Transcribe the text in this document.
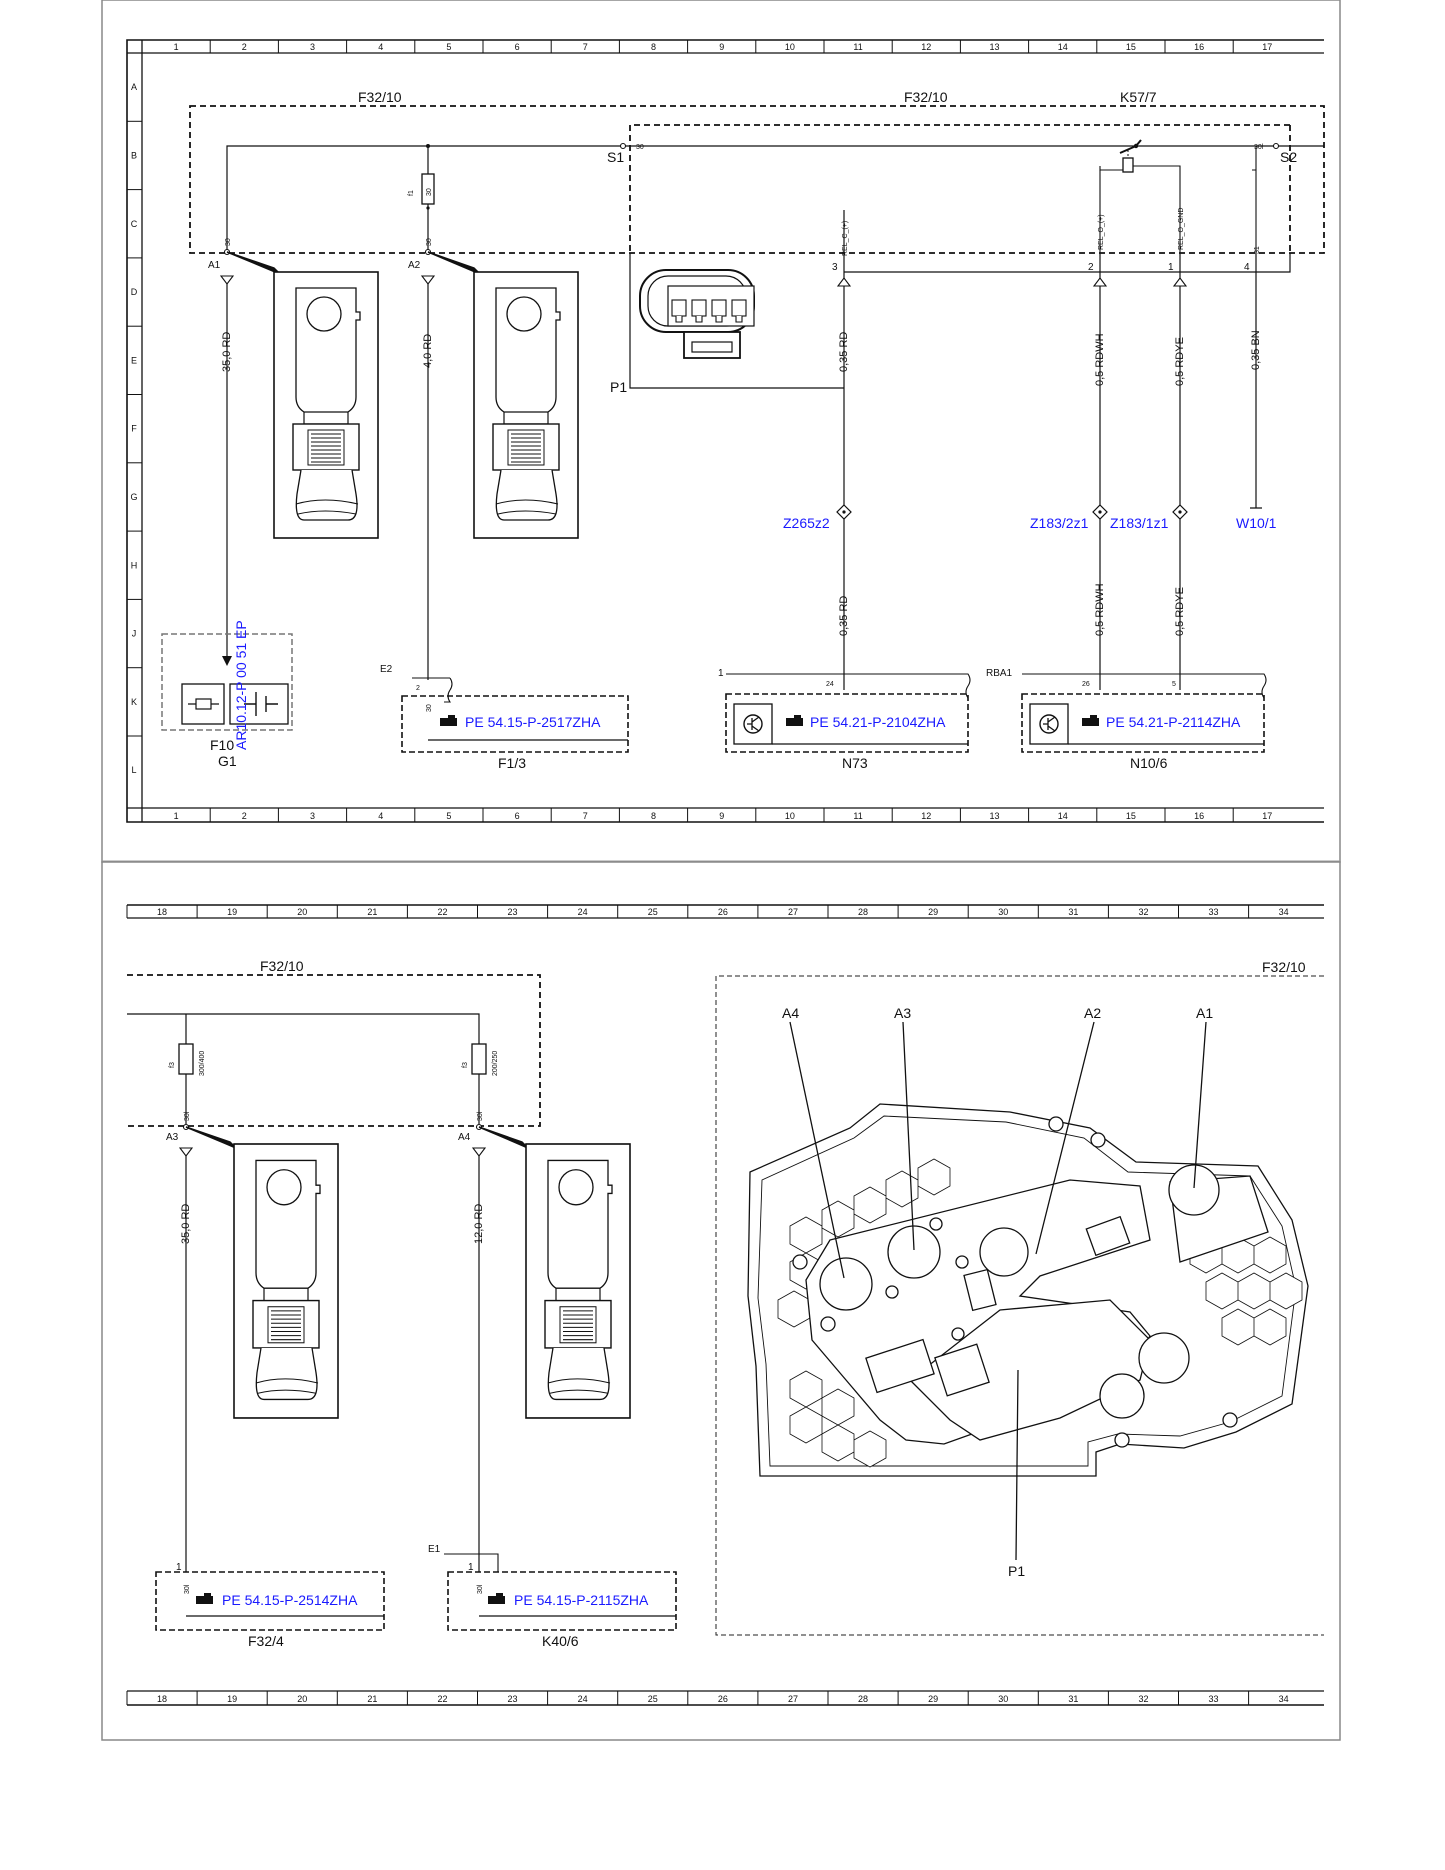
1	2	3	4	5	6	7	8	9	10	11	12	13	14	15	16	17
1	2	3	4	5	6	7	8	9	10	11	12	13	14	15	16	17
A
B
C
D
E
F
G
H
J
K
L
F32/10	F32/10	K57/7
f1 30
30	30
A1	A2
35,0 RD	4,0 RD
30
S1
30l
S2
REL_C_(+)	REL_O_(+)	REL_O_GND
31
3	2	1	4
P1
Z265z2	Z183/2z1 Z183/1z1	W10/1
0,35 RD	0,5 RDWH	0,5 RDYE	0,35 BN
0,35 RD	0,5 RDWH	0,5 RDYE
AR10.12-P 00 51 EP
F10
G1
E2
2
30
PE 54.15-P-2517ZHA
F1/3
1
24
PE 54.21-P-2104ZHA
N73
RBA1
26	5
PE 54.21-P-2114ZHA
N10/6
18	19	20	21	22	23	24	25	26	27	28	29	30	31	32	33	34
18	19	20	21	22	23	24	25	26	27	28	29	30	31	32	33	34
F32/10	F32/10
f3	300/400	f3	200/250
30l	30l
A3	A4
35,0 RD	12,0 RD
1
30l
PE 54.15-P-2514ZHA
F32/4
E1
1
30l
PE 54.15-P-2115ZHA
K40/6
A4	A3	A2	A1
P1
